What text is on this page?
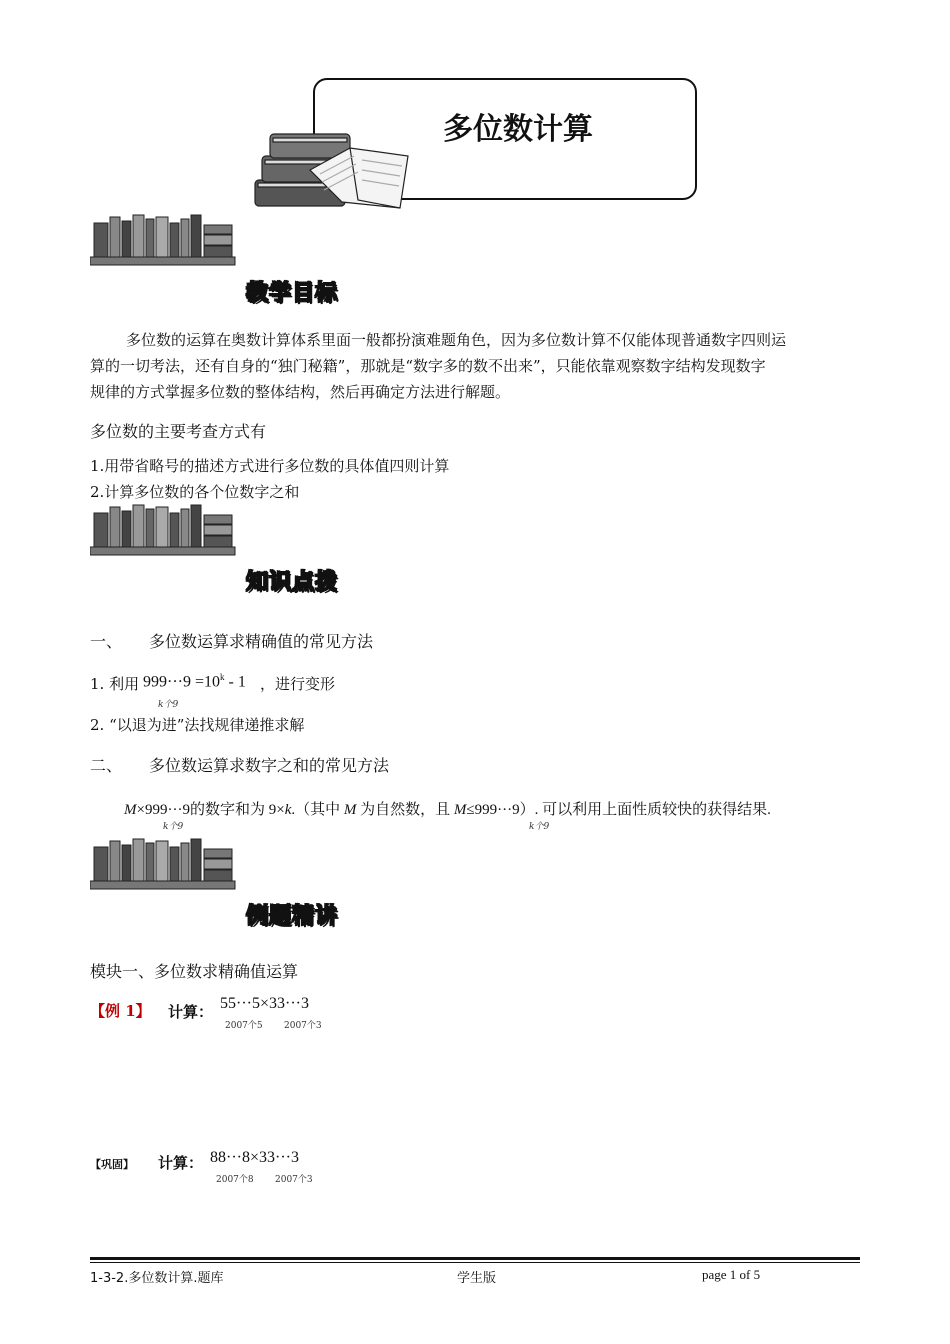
多位数计算
教学目标
多位数的运算在奥数计算体系里面一般都扮演难题角色，因为多位数计算不仅能体现普通数字四则运
算的一切考法，还有自身的“独门秘籍”，那就是“数字多的数不出来”，只能依靠观察数字结构发现数字
规律的方式掌握多位数的整体结构，然后再确定方法进行解题。
多位数的主要考查方式有
1.用带省略号的描述方式进行多位数的具体值四则计算
2.计算多位数的各个位数字之和
知识点拨
一、 多位数运算求精确值的常见方法
1. 利用 $999\cdot\cdot\cdot 9 =10^k - 1$
k个9
，进行变形
2. “以退为进”法找规律递推求解
二、 多位数运算求数字之和的常见方法
M×999···9的数字和为 9×k.（其中 M 为自然数，且 M≤999···9）. 可以利用上面性质较快的获得结果.
k个9	k个9
例题精讲
模块一、多位数求精确值运算
【例 1】 计算： 55···5×33···3
2007个5 2007个3
【巩固】 计算： 88···8×33···3
2007个8 2007个3
1-3-2.多位数计算.题库	学生版	page 1 of 5
